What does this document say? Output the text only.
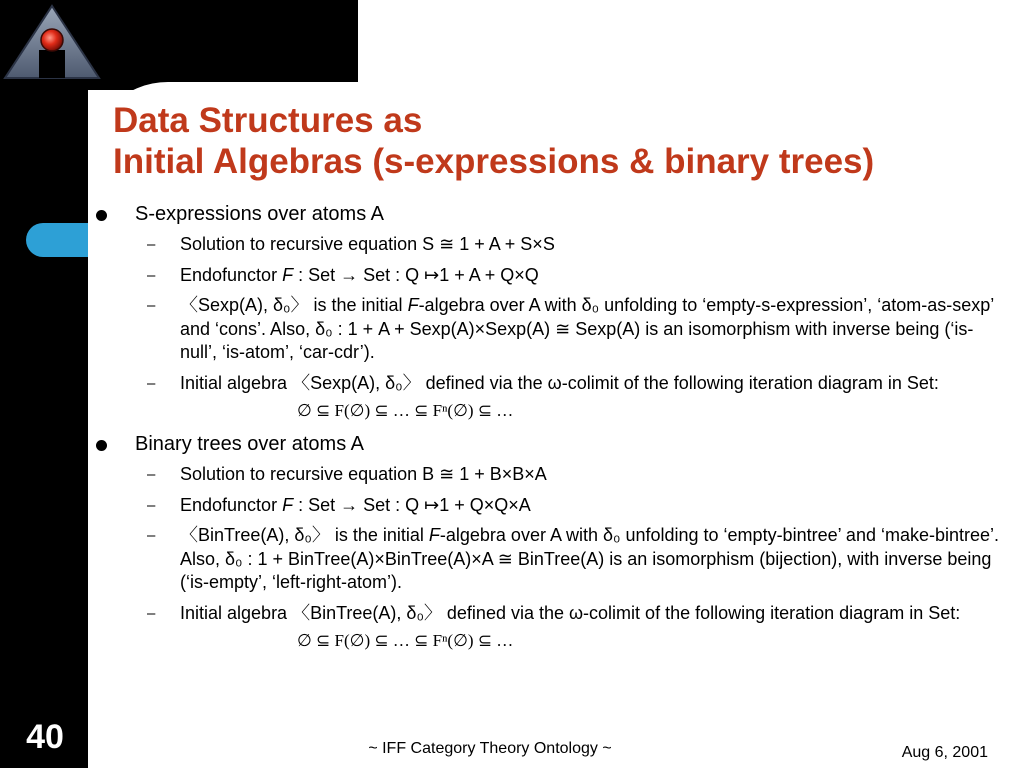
40
Data Structures as
Initial Algebras (s-expressions & binary trees)
S-expressions over atoms A
– Solution to recursive equation S ≅ 1 + A + S×S
– Endofunctor F : Set → Set : Q ↦1 + A + Q×Q
– 〈Sexp(A), δ₀〉 is the initial F-algebra over A with δ₀ unfolding to ‘empty-s-expression’, ‘atom-as-sexp’ and ‘cons’. Also, δ₀ : 1 + A + Sexp(A)×Sexp(A) ≅ Sexp(A) is an isomorphism with inverse being (‘is-null’, ‘is-atom’, ‘car-cdr’).
– Initial algebra 〈Sexp(A), δ₀〉 defined via the ω-colimit of the following iteration diagram in Set:
∅ ⊆ F(∅) ⊆ … ⊆ Fⁿ(∅) ⊆ …
Binary trees over atoms A
– Solution to recursive equation B ≅ 1 + B×B×A
– Endofunctor F : Set → Set : Q ↦1 + Q×Q×A
– 〈BinTree(A), δ₀〉 is the initial F-algebra over A with δ₀ unfolding to ‘empty-bintree’ and ‘make-bintree’. Also, δ₀ : 1 + BinTree(A)×BinTree(A)×A ≅ BinTree(A) is an isomorphism (bijection), with inverse being (‘is-empty’, ‘left-right-atom’).
– Initial algebra 〈BinTree(A), δ₀〉 defined via the ω-colimit of the following iteration diagram in Set:
∅ ⊆ F(∅) ⊆ … ⊆ Fⁿ(∅) ⊆ …
~ IFF Category Theory Ontology ~	Aug 6, 2001
